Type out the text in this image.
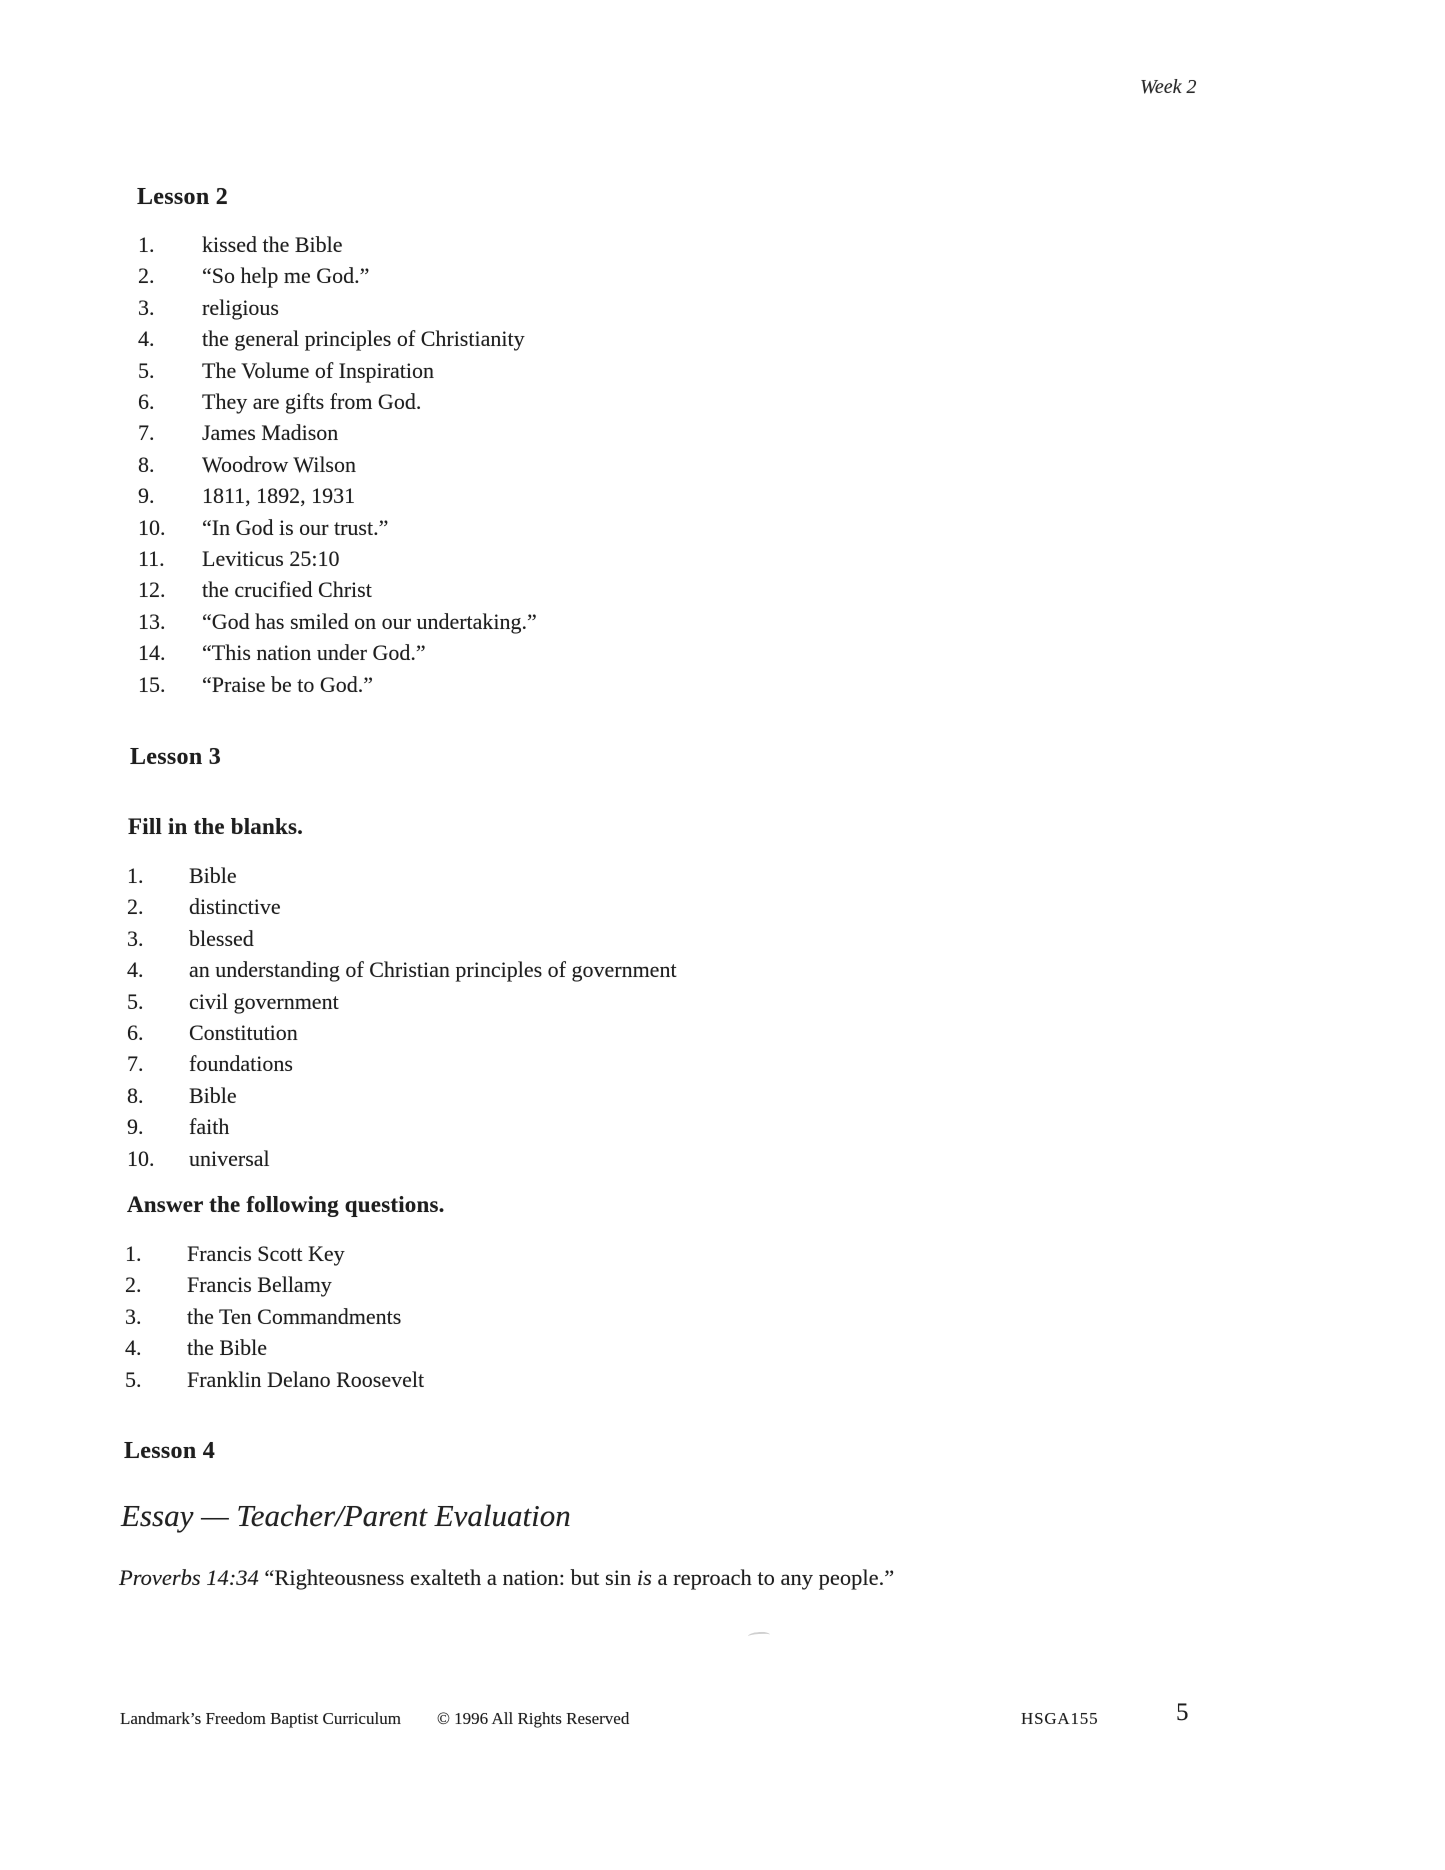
Week 2
Lesson 2
1.	kissed the Bible
2.	“So help me God.”
3.	religious
4.	the general principles of Christianity
5.	The Volume of Inspiration
6.	They are gifts from God.
7.	James Madison
8.	Woodrow Wilson
9.	1811, 1892, 1931
10.	“In God is our trust.”
11.	Leviticus 25:10
12.	the crucified Christ
13.	“God has smiled on our undertaking.”
14.	“This nation under God.”
15.	“Praise be to God.”
Lesson 3
Fill in the blanks.
1.	Bible
2.	distinctive
3.	blessed
4.	an understanding of Christian principles of government
5.	civil government
6.	Constitution
7.	foundations
8.	Bible
9.	faith
10.	universal
Answer the following questions.
1.	Francis Scott Key
2.	Francis Bellamy
3.	the Ten Commandments
4.	the Bible
5.	Franklin Delano Roosevelt
Lesson 4
Essay — Teacher/Parent Evaluation
Proverbs 14:34 “Righteousness exalteth a nation: but sin is a reproach to any people.”
Landmark’s Freedom Baptist Curriculum © 1996 All Rights Reserved	HSGA155	5
